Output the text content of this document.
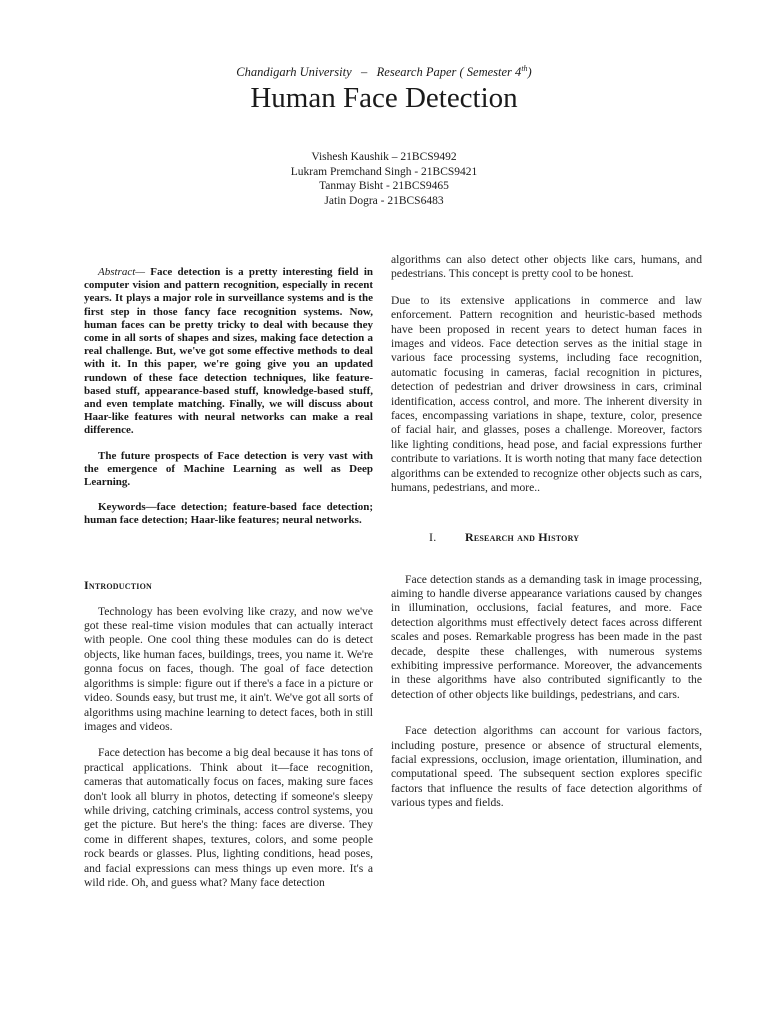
Chandigarh University – Research Paper ( Semester 4th)
Human Face Detection
Vishesh Kaushik – 21BCS9492
Lukram Premchand Singh - 21BCS9421
Tanmay Bisht - 21BCS9465
Jatin Dogra - 21BCS6483

Abstract— Face detection is a pretty interesting field in computer vision and pattern recognition, especially in recent years. It plays a major role in surveillance systems and is the first step in those fancy face recognition systems. Now, human faces can be pretty tricky to deal with because they come in all sorts of shapes and sizes, making face detection a real challenge. But, we've got some effective methods to deal with it. In this paper, we're going give you an updated rundown of these face detection techniques, like feature-based stuff, appearance-based stuff, knowledge-based stuff, and even template matching. Finally, we will discuss about Haar-like features with neural networks can make a real difference.

The future prospects of Face detection is very vast with the emergence of Machine Learning as well as Deep Learning.

Keywords—face detection; feature-based face detection; human face detection; Haar-like features; neural networks.

Introduction

Technology has been evolving like crazy, and now we've got these real-time vision modules that can actually interact with people. One cool thing these modules can do is detect objects, like human faces, buildings, trees, you name it. We're gonna focus on faces, though. The goal of face detection algorithms is simple: figure out if there's a face in a picture or video. Sounds easy, but trust me, it ain't. We've got all sorts of algorithms using machine learning to detect faces, both in still images and videos.

Face detection has become a big deal because it has tons of practical applications. Think about it—face recognition, cameras that automatically focus on faces, making sure faces don't look all blurry in photos, detecting if someone's sleepy while driving, catching criminals, access control systems, you get the picture. But here's the thing: faces are diverse. They come in different shapes, textures, colors, and some people rock beards or glasses. Plus, lighting conditions, head poses, and facial expressions can mess things up even more. It's a wild ride. Oh, and guess what? Many face detection

algorithms can also detect other objects like cars, humans, and pedestrians. This concept is pretty cool to be honest.

Due to its extensive applications in commerce and law enforcement. Pattern recognition and heuristic-based methods have been proposed in recent years to detect human faces in images and videos. Face detection serves as the initial stage in various face processing systems, including face recognition, automatic focusing in cameras, facial recognition in pictures, detection of pedestrian and driver drowsiness in cars, criminal identification, access control, and more. The inherent diversity in faces, encompassing variations in shape, texture, color, presence of facial hair, and glasses, poses a challenge. Moreover, factors like lighting conditions, head pose, and facial expressions further contribute to variations. It is worth noting that many face detection algorithms can be extended to recognize other objects such as cars, humans, pedestrians, and more..

I. Research and History

Face detection stands as a demanding task in image processing, aiming to handle diverse appearance variations caused by changes in illumination, occlusions, facial features, and more. Face detection algorithms must effectively detect faces across different scales and poses. Remarkable progress has been made in the past decade, despite these challenges, with numerous systems exhibiting impressive performance. Moreover, the advancements in these algorithms have also contributed significantly to the detection of other objects like buildings, pedestrians, and cars.

Face detection algorithms can account for various factors, including posture, presence or absence of structural elements, facial expressions, occlusion, image orientation, illumination, and computational speed. The subsequent section explores specific factors that influence the results of face detection algorithms of various types and fields.
